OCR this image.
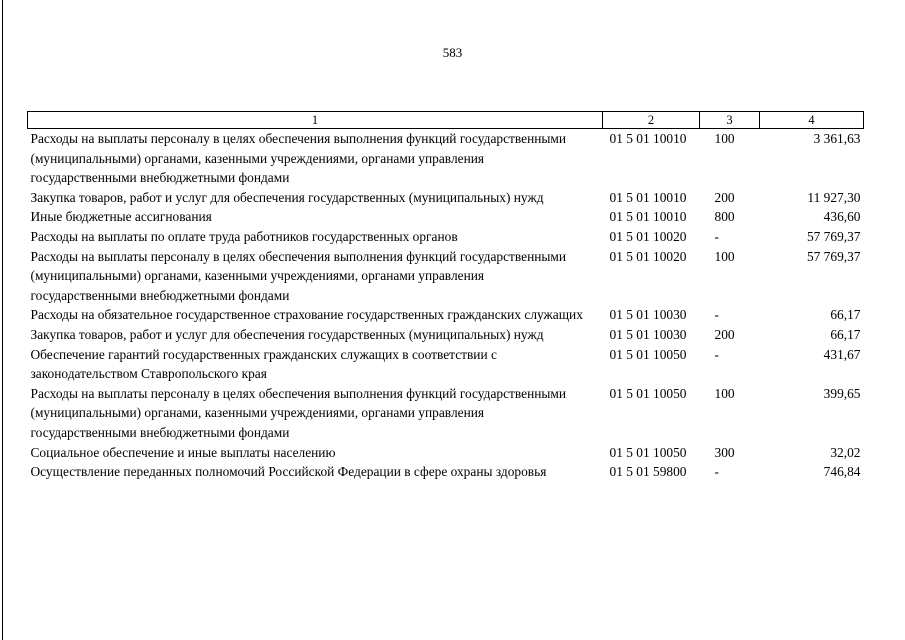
583
1	2	3	4
Расходы на выплаты персоналу в целях обеспечения выполнения функций государственными (муниципальными) органами, казенными учреждениями, органами управления государственными внебюджетными фондами	01 5 01 10010	100	3 361,63
Закупка товаров, работ и услуг для обеспечения государственных (муниципальных) нужд	01 5 01 10010	200	11 927,30
Иные бюджетные ассигнования	01 5 01 10010	800	436,60
Расходы на выплаты по оплате труда работников государственных органов	01 5 01 10020	-	57 769,37
Расходы на выплаты персоналу в целях обеспечения выполнения функций государственными (муниципальными) органами, казенными учреждениями, органами управления государственными внебюджетными фондами	01 5 01 10020	100	57 769,37
Расходы на обязательное государственное страхование государственных гражданских служащих	01 5 01 10030	-	66,17
Закупка товаров, работ и услуг для обеспечения государственных (муниципальных) нужд	01 5 01 10030	200	66,17
Обеспечение гарантий государственных гражданских служащих в соответствии с законодательством Ставропольского края	01 5 01 10050	-	431,67
Расходы на выплаты персоналу в целях обеспечения выполнения функций государственными (муниципальными) органами, казенными учреждениями, органами управления государственными внебюджетными фондами	01 5 01 10050	100	399,65
Социальное обеспечение и иные выплаты населению	01 5 01 10050	300	32,02
Осуществление переданных полномочий Российской Федерации в сфере охраны здоровья	01 5 01 59800	-	746,84
